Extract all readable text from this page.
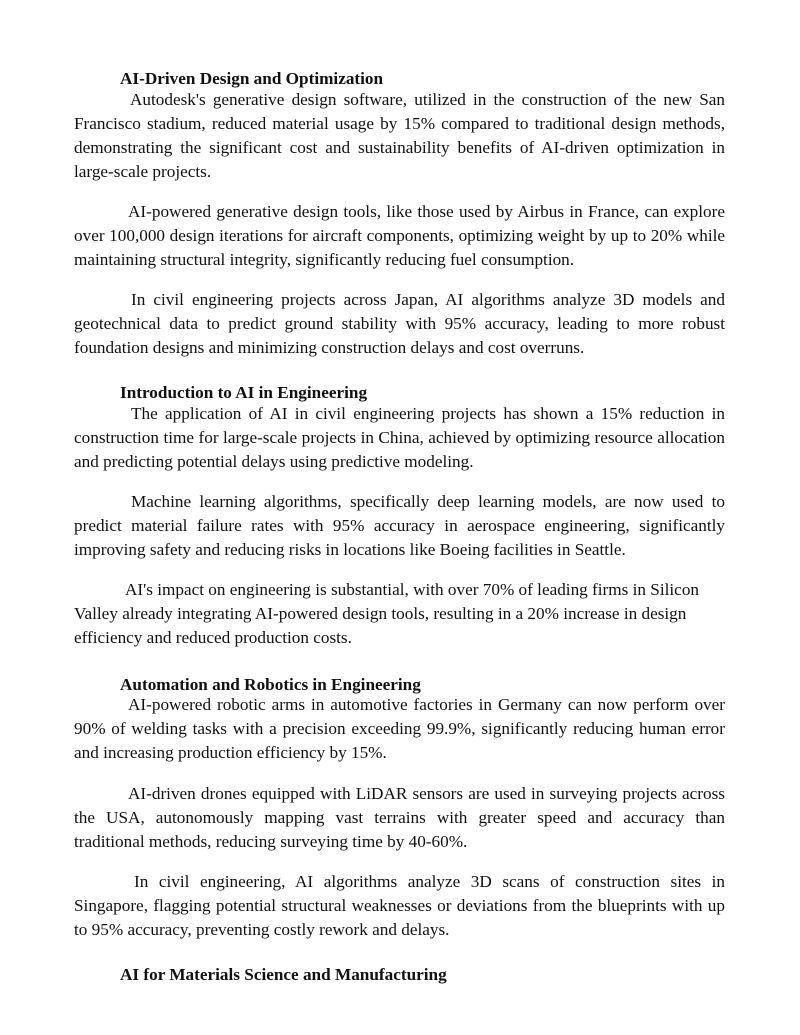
AI-Driven Design and Optimization

Autodesk's generative design software, utilized in the construction of the new San Francisco stadium, reduced material usage by 15% compared to traditional design methods, demonstrating the significant cost and sustainability benefits of AI-driven optimization in large-scale projects.

AI-powered generative design tools, like those used by Airbus in France, can explore over 100,000 design iterations for aircraft components, optimizing weight by up to 20% while maintaining structural integrity, significantly reducing fuel consumption.

In civil engineering projects across Japan, AI algorithms analyze 3D models and geotechnical data to predict ground stability with 95% accuracy, leading to more robust foundation designs and minimizing construction delays and cost overruns.

Introduction to AI in Engineering

The application of AI in civil engineering projects has shown a 15% reduction in construction time for large-scale projects in China, achieved by optimizing resource allocation and predicting potential delays using predictive modeling.

Machine learning algorithms, specifically deep learning models, are now used to predict material failure rates with 95% accuracy in aerospace engineering, significantly improving safety and reducing risks in locations like Boeing facilities in Seattle.

AI's impact on engineering is substantial, with over 70% of leading firms in Silicon Valley already integrating AI-powered design tools, resulting in a 20% increase in design efficiency and reduced production costs.

Automation and Robotics in Engineering

AI-powered robotic arms in automotive factories in Germany can now perform over 90% of welding tasks with a precision exceeding 99.9%, significantly reducing human error and increasing production efficiency by 15%.

AI-driven drones equipped with LiDAR sensors are used in surveying projects across the USA, autonomously mapping vast terrains with greater speed and accuracy than traditional methods, reducing surveying time by 40-60%.

In civil engineering, AI algorithms analyze 3D scans of construction sites in Singapore, flagging potential structural weaknesses or deviations from the blueprints with up to 95% accuracy, preventing costly rework and delays.

AI for Materials Science and Manufacturing
